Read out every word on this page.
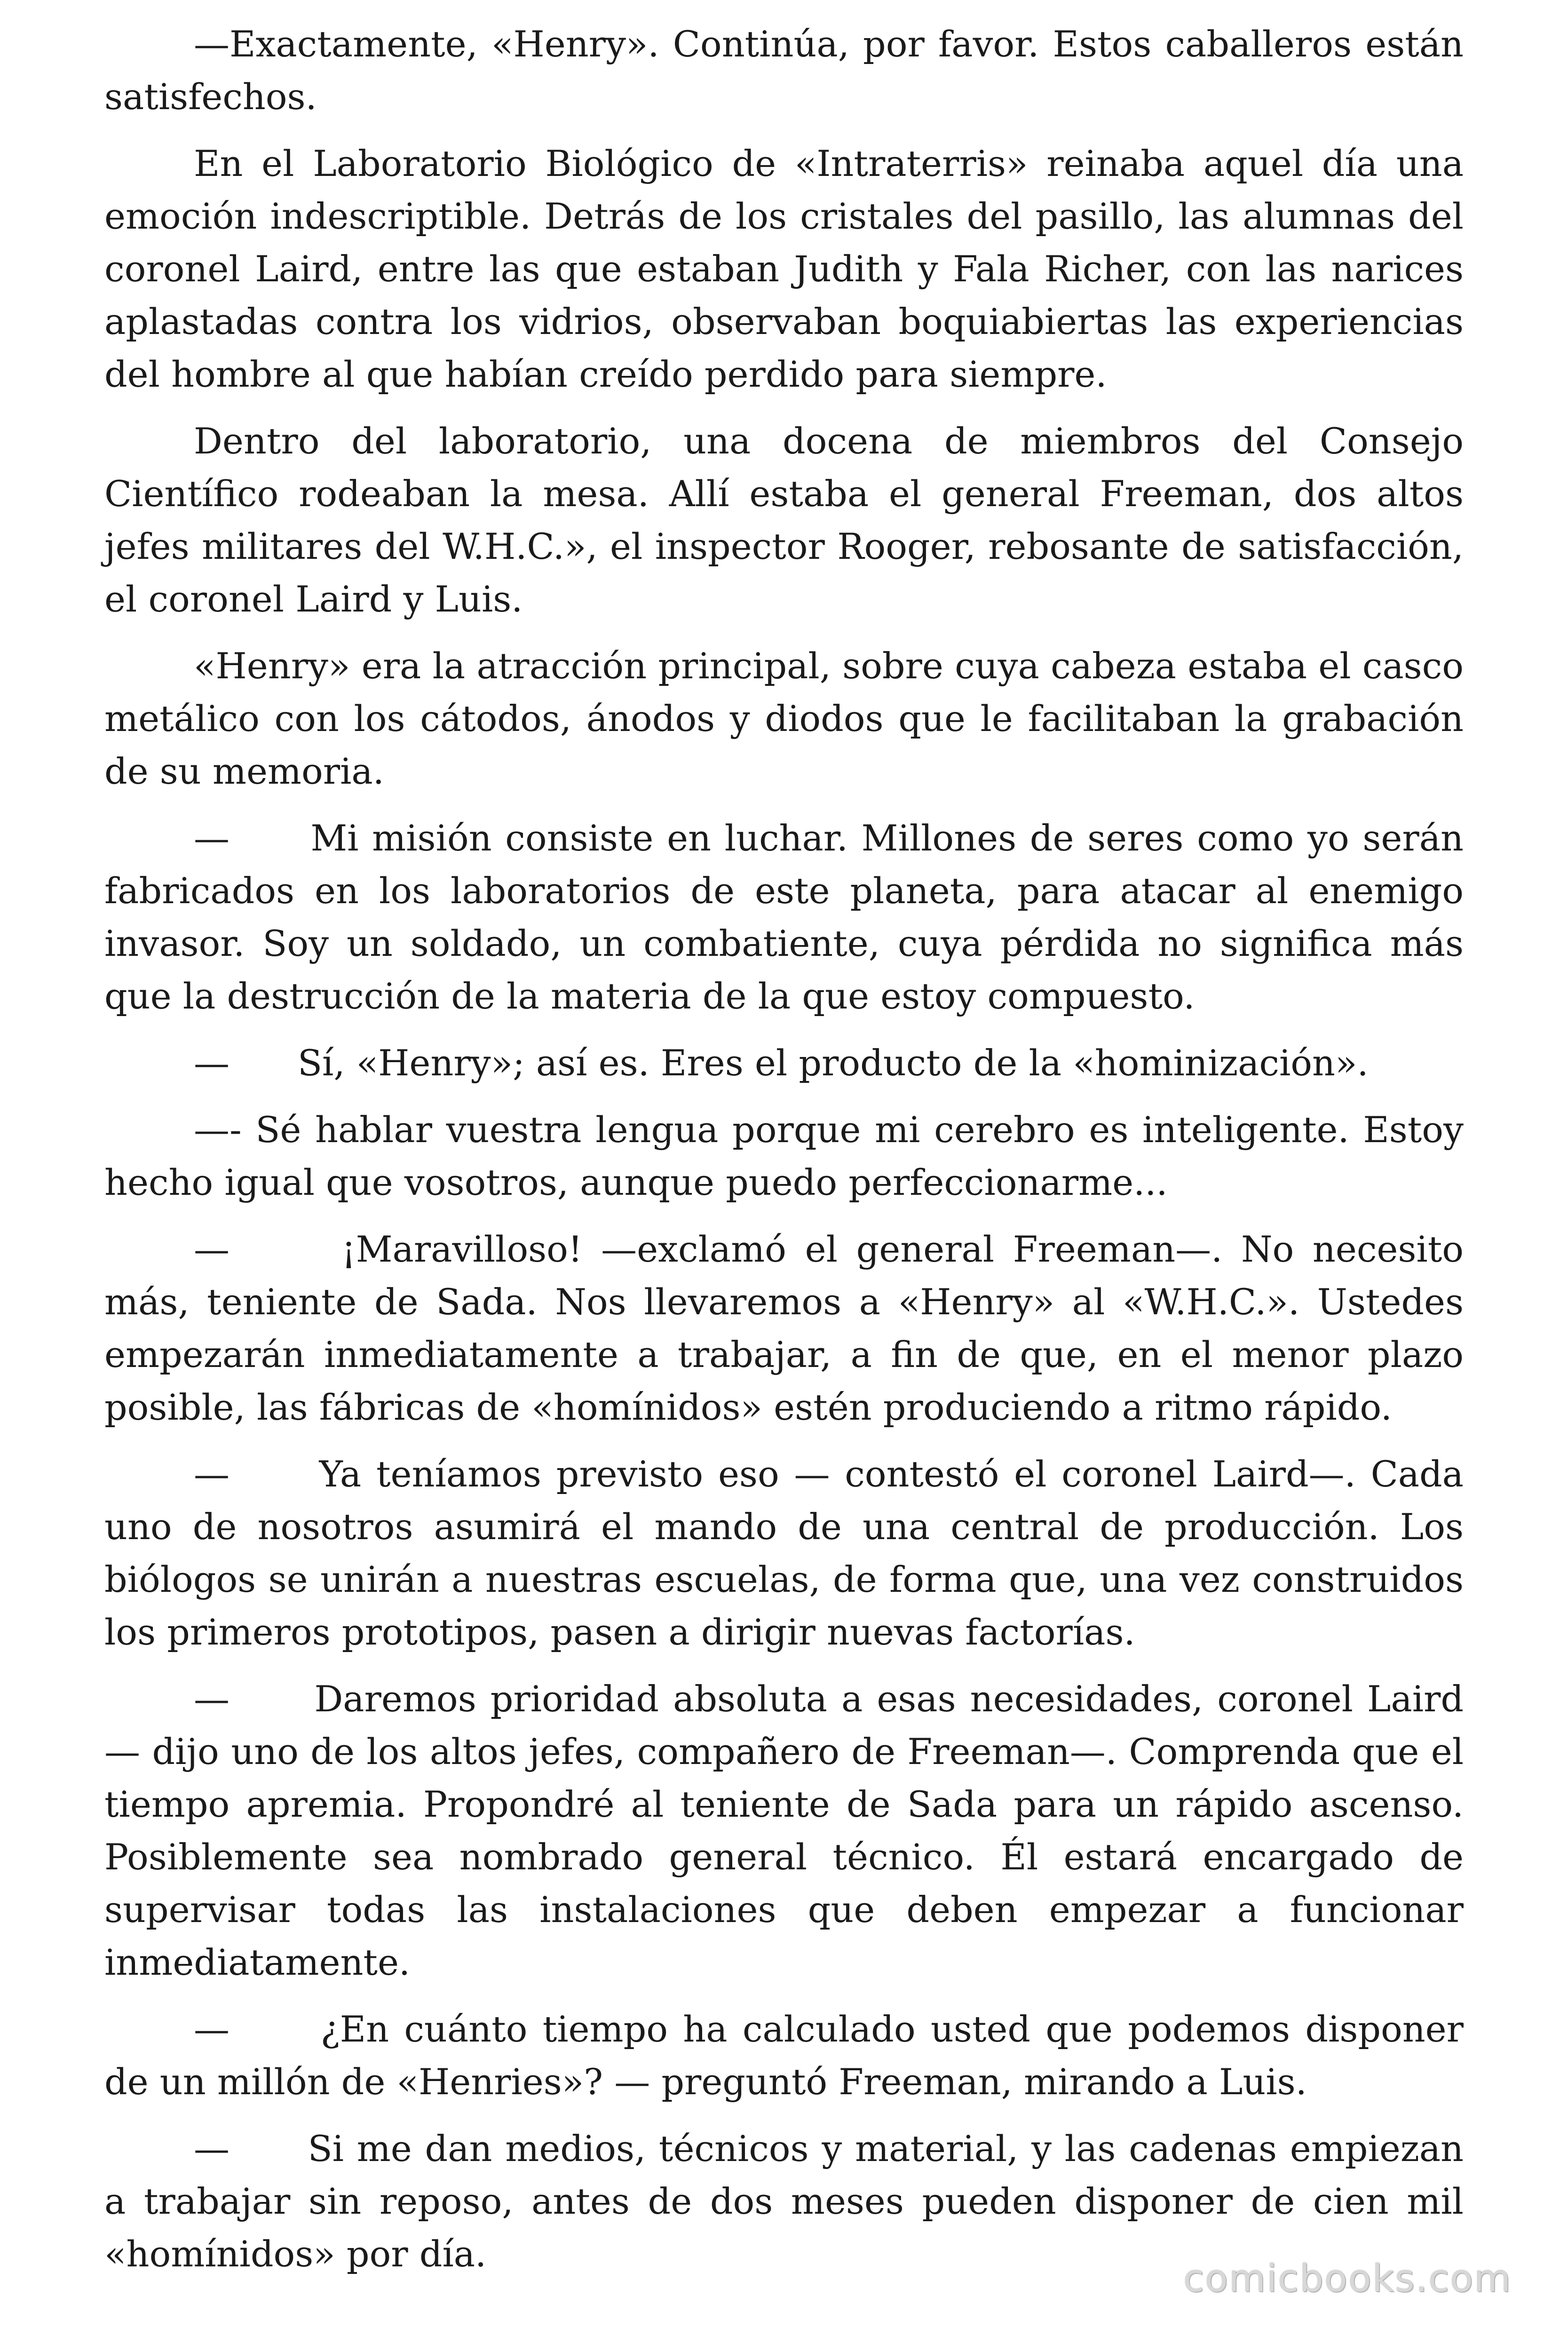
—Exactamente, «Henry». Continúa, por favor. Estos caballeros están satisfechos.

En el Laboratorio Biológico de «Intraterris» reinaba aquel día una emoción indescriptible. Detrás de los cristales del pasillo, las alumnas del coronel Laird, entre las que estaban Judith y Fala Richer, con las narices aplastadas contra los vidrios, observaban boquiabiertas las experiencias del hombre al que habían creído perdido para siempre.

Dentro del laboratorio, una docena de miembros del Consejo Científico rodeaban la mesa. Allí estaba el general Freeman, dos altos jefes militares del W.H.C.», el inspector Rooger, rebosante de satisfacción, el coronel Laird y Luis.

«Henry» era la atracción principal, sobre cuya cabeza estaba el casco metálico con los cátodos, ánodos y diodos que le facilitaban la grabación de su memoria.

—      Mi misión consiste en luchar. Millones de seres como yo serán fabricados en los laboratorios de este planeta, para atacar al enemigo invasor. Soy un soldado, un combatiente, cuya pérdida no significa más que la destrucción de la materia de la que estoy compuesto.

—      Sí, «Henry»; así es. Eres el producto de la «hominización».

—- Sé hablar vuestra lengua porque mi cerebro es inteligente. Estoy hecho igual que vosotros, aunque puedo perfeccionarme...

—      ¡Maravilloso! —exclamó el general Freeman—. No necesito más, teniente de Sada. Nos llevaremos a «Henry» al «W.H.C.». Ustedes empezarán inmediatamente a trabajar, a fin de que, en el menor plazo posible, las fábricas de «homínidos» estén produciendo a ritmo rápido.

—      Ya teníamos previsto eso — contestó el coronel Laird—. Cada uno de nosotros asumirá el mando de una central de producción. Los biólogos se unirán a nuestras escuelas, de forma que, una vez construidos los primeros prototipos, pasen a dirigir nuevas factorías.

—      Daremos prioridad absoluta a esas necesidades, coronel Laird — dijo uno de los altos jefes, compañero de Freeman—. Comprenda que el tiempo apremia. Propondré al teniente de Sada para un rápido ascenso. Posiblemente sea nombrado general técnico. Él estará encargado de supervisar todas las instalaciones que deben empezar a funcionar inmediatamente.

—      ¿En cuánto tiempo ha calculado usted que podemos disponer de un millón de «Henries»? — preguntó Freeman, mirando a Luis.

—      Si me dan medios, técnicos y material, y las cadenas empiezan a trabajar sin reposo, antes de dos meses pueden disponer de cien mil «homínidos» por día.

comicbooks.com
